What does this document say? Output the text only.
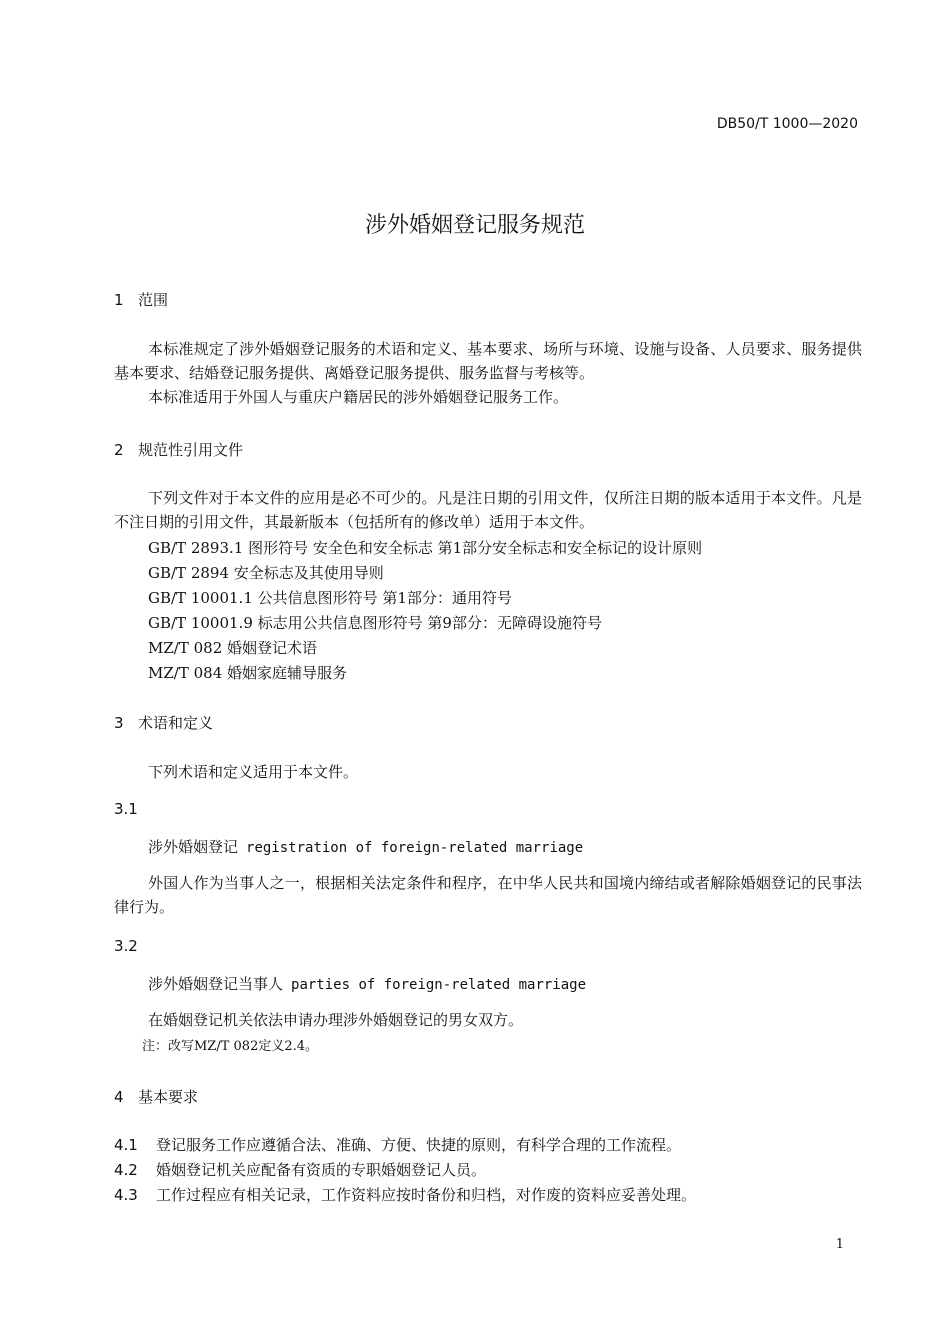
DB50/T 1000—2020
涉外婚姻登记服务规范
1 范围
本标准规定了涉外婚姻登记服务的术语和定义、基本要求、场所与环境、设施与设备、人员要求、服务提供基本要求、结婚登记服务提供、离婚登记服务提供、服务监督与考核等。
本标准适用于外国人与重庆户籍居民的涉外婚姻登记服务工作。
2 规范性引用文件
下列文件对于本文件的应用是必不可少的。凡是注日期的引用文件，仅所注日期的版本适用于本文件。凡是不注日期的引用文件，其最新版本（包括所有的修改单）适用于本文件。
GB/T 2893.1 图形符号 安全色和安全标志 第1部分安全标志和安全标记的设计原则
GB/T 2894 安全标志及其使用导则
GB/T 10001.1 公共信息图形符号 第1部分：通用符号
GB/T 10001.9 标志用公共信息图形符号 第9部分：无障碍设施符号
MZ/T 082 婚姻登记术语
MZ/T 084 婚姻家庭辅导服务
3 术语和定义
下列术语和定义适用于本文件。
3.1
涉外婚姻登记 registration of foreign-related marriage
外国人作为当事人之一，根据相关法定条件和程序，在中华人民共和国境内缔结或者解除婚姻登记的民事法律行为。
3.2
涉外婚姻登记当事人 parties of foreign-related marriage
在婚姻登记机关依法申请办理涉外婚姻登记的男女双方。
注：改写MZ/T 082定义2.4。
4 基本要求
4.1 登记服务工作应遵循合法、准确、方便、快捷的原则，有科学合理的工作流程。
4.2 婚姻登记机关应配备有资质的专职婚姻登记人员。
4.3 工作过程应有相关记录，工作资料应按时备份和归档，对作废的资料应妥善处理。
1
